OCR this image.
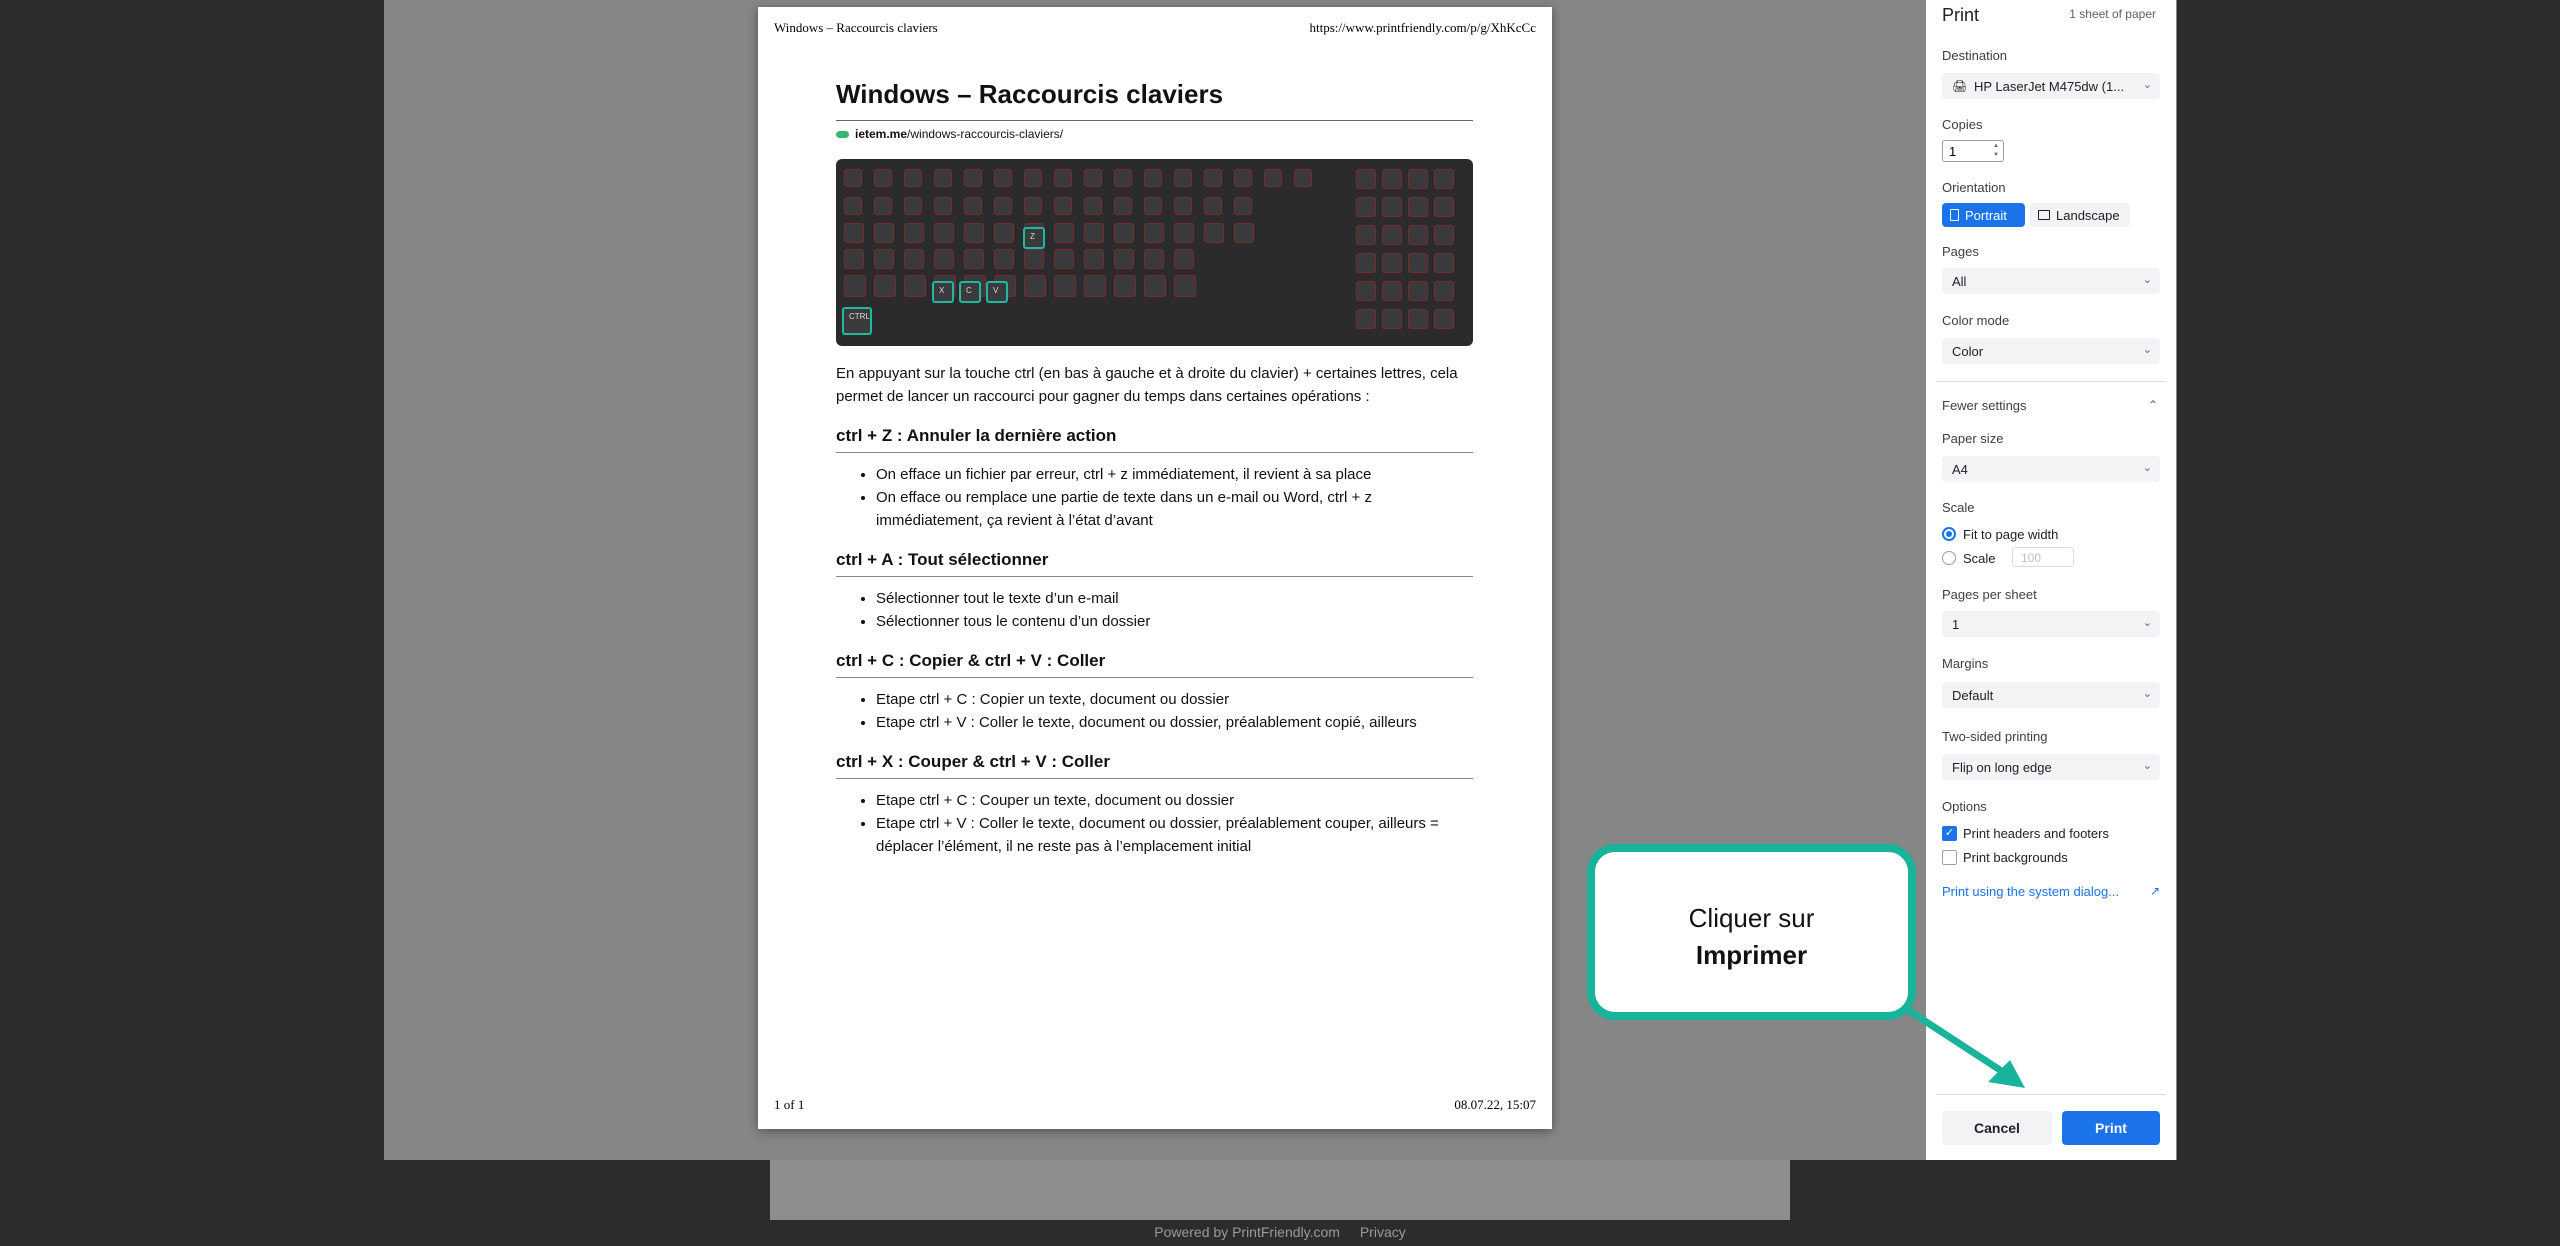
Windows – Raccourcis claviers	https://www.printfriendly.com/p/g/XhKcCc
Windows – Raccourcis claviers
ietem.me/windows-raccourcis-claviers/
CTRL
Z
X	C	V
En appuyant sur la touche ctrl (en bas à gauche et à droite du clavier) + certaines lettres, cela permet de lancer un raccourci pour gagner du temps dans certaines opérations :
ctrl + Z : Annuler la dernière action
• On efface un fichier par erreur, ctrl + z immédiatement, il revient à sa place
• On efface ou remplace une partie de texte dans un e-mail ou Word, ctrl + z immédiatement, ça revient à l’état d’avant
ctrl + A : Tout sélectionner
• Sélectionner tout le texte d’un e-mail
• Sélectionner tous le contenu d’un dossier
ctrl + C : Copier & ctrl + V : Coller
• Etape ctrl + C : Copier un texte, document ou dossier
• Etape ctrl + V : Coller le texte, document ou dossier, préalablement copié, ailleurs
ctrl + X : Couper & ctrl + V : Coller
• Etape ctrl + C : Couper un texte, document ou dossier
• Etape ctrl + V : Coller le texte, document ou dossier, préalablement couper, ailleurs = déplacer l’élément, il ne reste pas à l’emplacement initial
1 of 1	08.07.22, 15:07
Print	1 sheet of paper
Destination
🖨 HP LaserJet M475dw (1... ⌄
Copies
1	▲
▼
Orientation
Portrait	Landscape
Pages
All	⌄
Color mode
Color	⌄
Fewer settings	⌃
Paper size
A4	⌄
Scale
Fit to page width
Scale	100
Pages per sheet
1	⌄
Margins
Default	⌄
Two-sided printing
Flip on long edge	⌄
Options
✓ Print headers and footers
Print backgrounds
Print using the system dialog...	↗
Cancel	Print
Cliquer sur
Imprimer
Powered by PrintFriendly.com Privacy
